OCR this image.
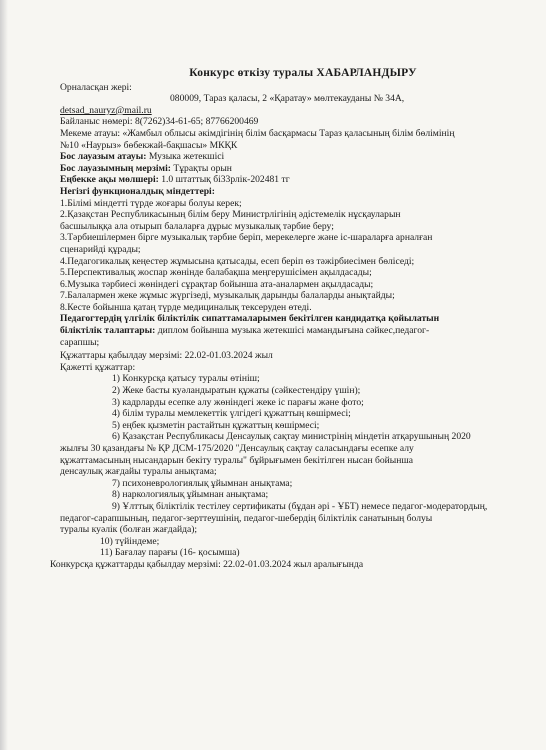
Конкурс өткізу туралы ХАБАРЛАНДЫРУ
Орналасқан жері:
080009, Тараз қаласы, 2 «Қаратау» мөлтекауданы № 34А,
detsad_nauryz@mail.ru
Байланыс нөмері: 8(7262)34-61-65; 87766200469
Мекеме атауы: «Жамбыл облысы әкімдігінің білім басқармасы Тараз қаласының білім бөлімінің
№10 «Наурыз» бөбекжай-бақшасы» МКҚК
Бос лауазым атауы: Музыка жетекшісі
Бос лауазымның мерзімі: Тұрақты орын
Еңбекке ақы мөлшері: 1.0 штаттық бі33рлік-202481 тг
Негізгі функционалдық міндеттері:
1.Білімі міндетті түрде жоғары болуы керек;
2.Қазақстан Республикасының білім беру Министрлігінің әдістемелік нұсқауларын
басшылыққа ала отырып балаларға дұрыс музыкалық тәрбие беру;
3.Тәрбиешілермен бірге музыкалық тәрбие беріп, мерекелерге және іс-шараларға арналған
сценарийді құрады;
4.Педагогикалық кеңестер жұмысына қатысады, есеп беріп өз тәжірбиесімен бөліседі;
5.Перспективалық жоспар жөнінде балабақша меңгерушісімен ақылдасады;
6.Музыка тәрбиесі жөніндегі сұрақтар бойынша ата-аналармен ақылдасады;
7.Балалармен жеке жұмыс жүргізеді, музыкалық дарынды балаларды анықтайды;
8.Кесте бойынша қатаң түрде медициналық тексеруден өтеді.
Педагогтердің үлгілік біліктілік сипаттамаларымен бекітілген кандидатқа қойылатын
біліктілік талаптары: диплом бойынша музыка жетекшісі мамандығына сәйкес,педагог-
сарапшы;
Құжаттары қабылдау мерзімі: 22.02-01.03.2024 жыл
Қажетті құжаттар:
1) Конкурсқа қатысу туралы өтініш;
2) Жеке басты куәландыратын құжаты (сәйкестендіру үшін);
3) кадрларды есепке алу жөніндегі жеке іс парағы және фото;
4) білім туралы мемлекеттік үлгідегі құжаттың көшірмесі;
5) еңбек қызметін растайтын құжаттың көшірмесі;
6) Қазақстан Республикасы Денсаулық сақтау министрінің міндетін атқарушының 2020
жылғы 30 қазандағы № ҚР ДСМ-175/2020 "Денсаулық сақтау саласындағы есепке алу
құжаттамасының нысандарын бекіту туралы" бұйрығымен бекітілген нысан бойынша
денсаулық жағдайы туралы анықтама;
7) психоневрологиялық ұйымнан анықтама;
8) наркологиялық ұйымнан анықтама;
9) Ұлттық біліктілік тестілеу сертификаты (бұдан әрі - ҰБТ) немесе педагог-модератордың,
педагог-сарапшының, педагог-зерттеушінің, педагог-шебердің біліктілік санатының болуы
туралы куәлік (болған жағдайда);
10) түйіндеме;
11) Бағалау парағы (16- қосымша)
Конкурсқа құжаттарды қабылдау мерзімі: 22.02-01.03.2024 жыл аралығында
